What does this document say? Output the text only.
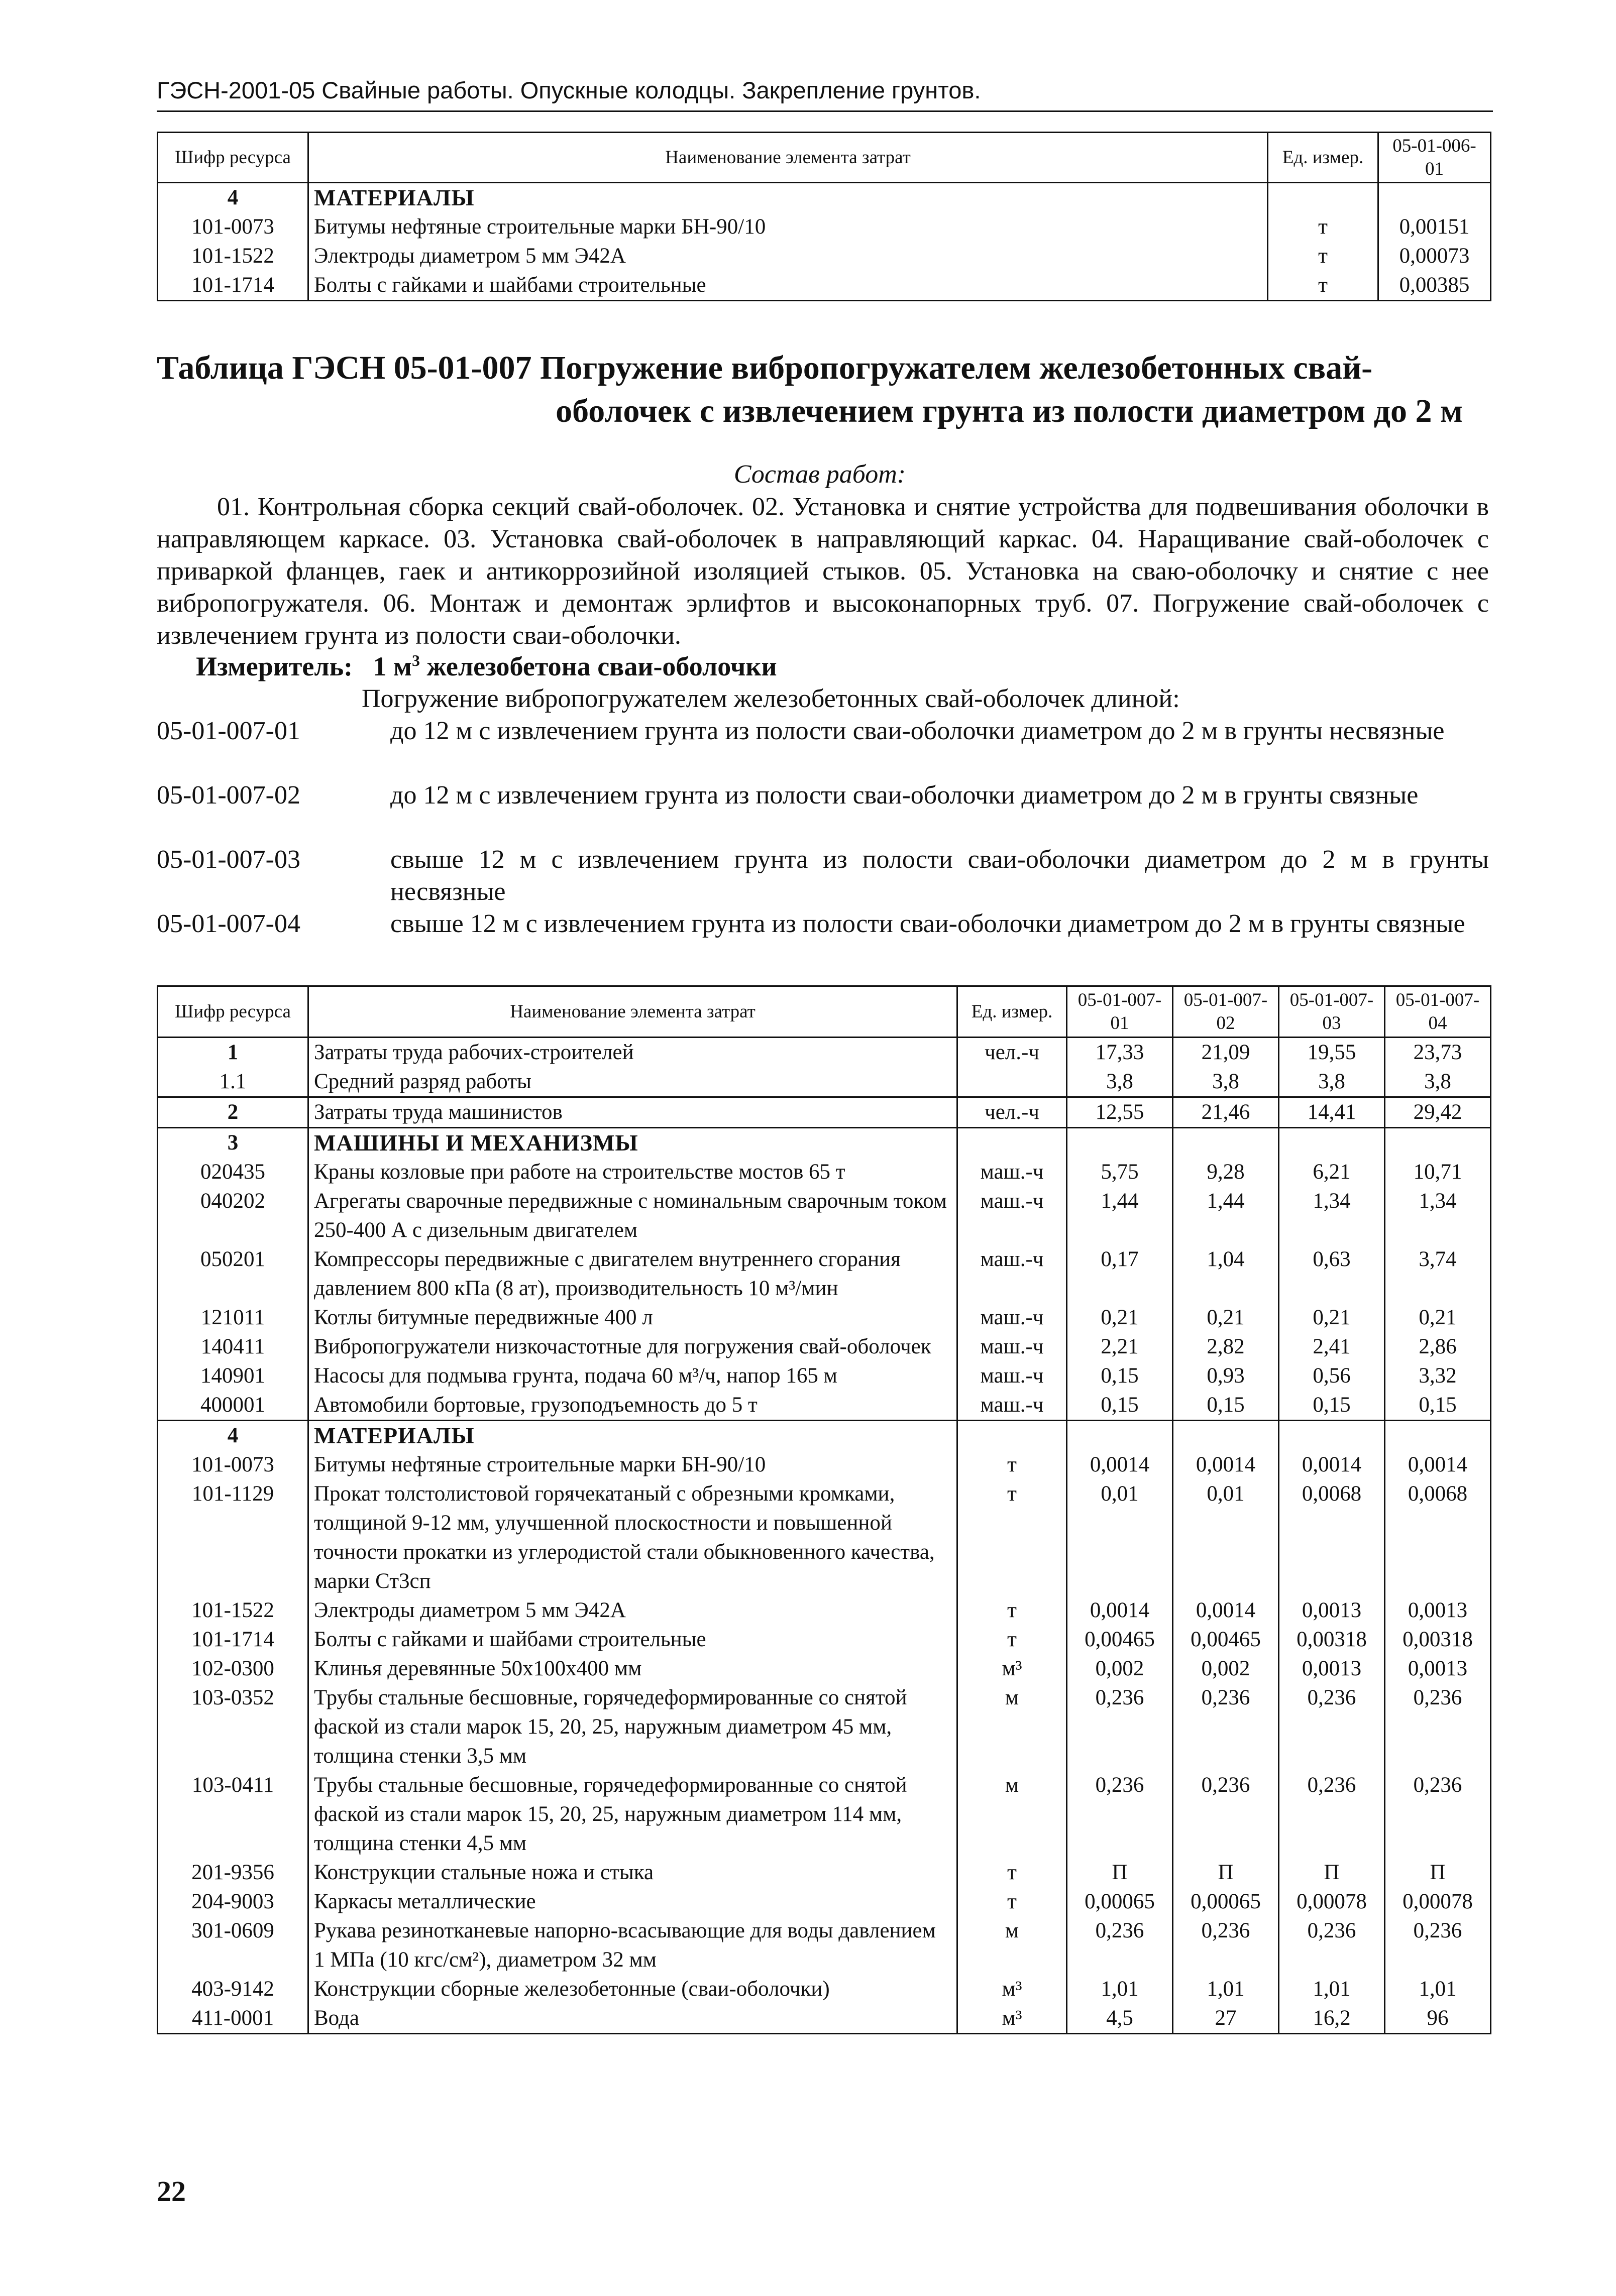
ГЭСН-2001-05 Свайные работы. Опускные колодцы. Закрепление грунтов.
Шифр ресурса	Наименование элемента затрат	Ед. измер.	05-01-006-01
4	МАТЕРИАЛЫ		
101-0073	Битумы нефтяные строительные марки БН-90/10	т	0,00151
101-1522	Электроды диаметром 5 мм Э42А	т	0,00073
101-1714	Болты с гайками и шайбами строительные	т	0,00385
Таблица ГЭСН 05-01-007 Погружение вибропогружателем железобетонных свай-
оболочек с извлечением грунта из полости диаметром до 2 м
Состав работ:
01. Контрольная сборка секций свай-оболочек. 02. Установка и снятие устройства для подвешивания оболочки в направляющем каркасе. 03. Установка свай-оболочек в направляющий каркас. 04. Наращивание свай-оболочек с приваркой фланцев, гаек и антикоррозийной изоляцией стыков. 05. Установка на сваю-оболочку и снятие с нее вибропогружателя. 06. Монтаж и демонтаж эрлифтов и высоконапорных труб. 07. Погружение свай-оболочек с извлечением грунта из полости сваи-оболочки.
Измеритель: 1 $м^3$ железобетона сваи-оболочки
Погружение вибропогружателем железобетонных свай-оболочек длиной:
05-01-007-01	до 12 м с извлечением грунта из полости сваи-оболочки диаметром до 2 м в грунты несвязные
05-01-007-02	до 12 м с извлечением грунта из полости сваи-оболочки диаметром до 2 м в грунты связные
05-01-007-03	свыше 12 м с извлечением грунта из полости сваи-оболочки диаметром до 2 м в грунты несвязные
05-01-007-04	свыше 12 м с извлечением грунта из полости сваи-оболочки диаметром до 2 м в грунты связные
Шифр ресурса	Наименование элемента затрат	Ед. измер.	05-01-007-01	05-01-007-02	05-01-007-03	05-01-007-04
1	Затраты труда рабочих-строителей	чел.-ч	17,33	21,09	19,55	23,73
1.1	Средний разряд работы		3,8	3,8	3,8	3,8
2	Затраты труда машинистов	чел.-ч	12,55	21,46	14,41	29,42
3	МАШИНЫ И МЕХАНИЗМЫ					
020435	Краны козловые при работе на строительстве мостов 65 т	маш.-ч	5,75	9,28	6,21	10,71
040202	Агрегаты сварочные передвижные с номинальным сварочным током 250-400 А с дизельным двигателем	маш.-ч	1,44	1,44	1,34	1,34
050201	Компрессоры передвижные с двигателем внутреннего сгорания давлением 800 кПа (8 ат), производительность 10 м³/мин	маш.-ч	0,17	1,04	0,63	3,74
121011	Котлы битумные передвижные 400 л	маш.-ч	0,21	0,21	0,21	0,21
140411	Вибропогружатели низкочастотные для погружения свай-оболочек	маш.-ч	2,21	2,82	2,41	2,86
140901	Насосы для подмыва грунта, подача 60 м³/ч, напор 165 м	маш.-ч	0,15	0,93	0,56	3,32
400001	Автомобили бортовые, грузоподъемность до 5 т	маш.-ч	0,15	0,15	0,15	0,15
4	МАТЕРИАЛЫ					
101-0073	Битумы нефтяные строительные марки БН-90/10	т	0,0014	0,0014	0,0014	0,0014
101-1129	Прокат толстолистовой горячекатаный с обрезными кромками, толщиной 9-12 мм, улучшенной плоскостности и повышенной точности прокатки из углеродистой стали обыкновенного качества, марки Ст3сп	т	0,01	0,01	0,0068	0,0068
101-1522	Электроды диаметром 5 мм Э42А	т	0,0014	0,0014	0,0013	0,0013
101-1714	Болты с гайками и шайбами строительные	т	0,00465	0,00465	0,00318	0,00318
102-0300	Клинья деревянные 50х100х400 мм	м³	0,002	0,002	0,0013	0,0013
103-0352	Трубы стальные бесшовные, горячедеформированные со снятой фаской из стали марок 15, 20, 25, наружным диаметром 45 мм, толщина стенки 3,5 мм	м	0,236	0,236	0,236	0,236
103-0411	Трубы стальные бесшовные, горячедеформированные со снятой фаской из стали марок 15, 20, 25, наружным диаметром 114 мм, толщина стенки 4,5 мм	м	0,236	0,236	0,236	0,236
201-9356	Конструкции стальные ножа и стыка	т	П	П	П	П
204-9003	Каркасы металлические	т	0,00065	0,00065	0,00078	0,00078
301-0609	Рукава резинотканевые напорно-всасывающие для воды давлением 1 МПа (10 кгс/см²), диаметром 32 мм	м	0,236	0,236	0,236	0,236
403-9142	Конструкции сборные железобетонные (сваи-оболочки)	м³	1,01	1,01	1,01	1,01
411-0001	Вода	м³	4,5	27	16,2	96
22
